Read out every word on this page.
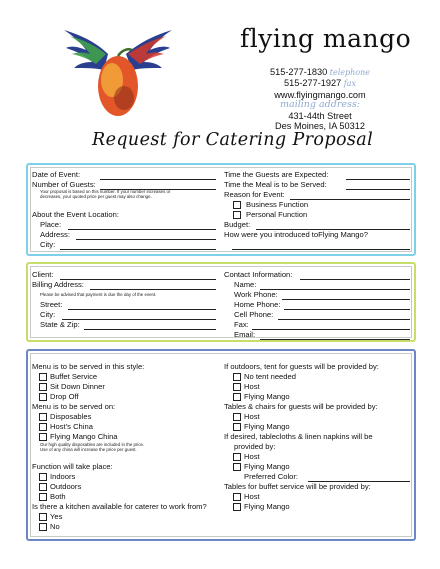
flying mango
515-277-1830 telephone
515-277-1927 fax
www.flyingmango.com
mailing address:
431-44th Street
Des Moines, IA 50312
Request for Catering Proposal
Date of Event:
Number of Guests:
Your proposal is based on this number. If your number increases or
decreases, your quoted price per guest may also change.
About the Event Location:
Place:
Address:
City:
Time the Guests are Expected:
Time the Meal is to be Served:
Reason for Event:
Business Function
Personal Function
Budget:
How were you introduced toFlying Mango?
Client:
Billing Address:
Please be advised that payment is due the day of the event.
Street:
City:
State & Zip:
Contact Information:
Name:
Work Phone:
Home Phone:
Cell Phone:
Fax:
Email:
Menu is to be served in this style:
Buffet Service
Sit Down Dinner
Drop Off
Menu is to be served on:
Disposables
Host’s China
Flying Mango China
Our high quality disposables are included in the price.
Use of any china will increase the price per guest.
Function will take place:
Indoors
Outdoors
Both
Is there a kitchen available for caterer to work from?
Yes
No
If outdoors, tent for guests will be provided by:
No tent needed
Host
Flying Mango
Tables & chairs for guests will be provided by:
Host
Flying Mango
If desired, tablecloths & linen napkins will be
provided by:
Host
Flying Mango
Preferred Color:
Tables for buffet service will be provided by:
Host
Flying Mango
